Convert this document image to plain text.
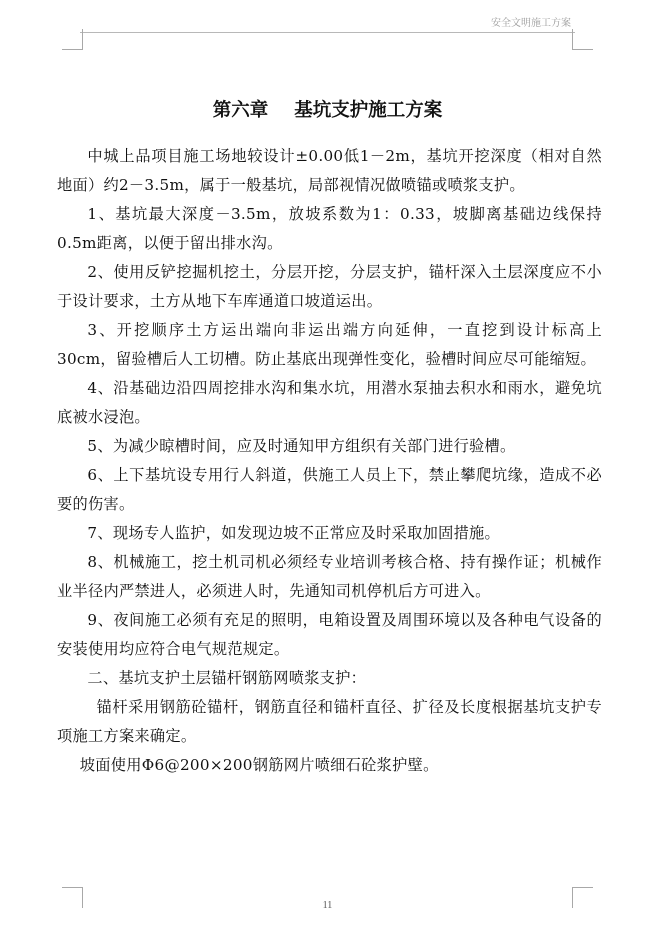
安全文明施工方案
第六章 基坑支护施工方案

中城上品项目施工场地较设计±0.00低1－2m，基坑开挖深度（相对自然地面）约2－3.5m，属于一般基坑，局部视情况做喷锚或喷浆支护。

1、基坑最大深度－3.5m，放坡系数为1：0.33，坡脚离基础边线保持0.5m距离，以便于留出排水沟。

2、使用反铲挖掘机挖土，分层开挖，分层支护，锚杆深入土层深度应不小于设计要求，土方从地下车库通道口坡道运出。

3、开挖顺序土方运出端向非运出端方向延伸，一直挖到设计标高上30cm，留验槽后人工切槽。防止基底出现弹性变化，验槽时间应尽可能缩短。

4、沿基础边沿四周挖排水沟和集水坑，用潜水泵抽去积水和雨水，避免坑底被水浸泡。

5、为减少晾槽时间，应及时通知甲方组织有关部门进行验槽。

6、上下基坑设专用行人斜道，供施工人员上下，禁止攀爬坑缘，造成不必要的伤害。

7、现场专人监护，如发现边坡不正常应及时采取加固措施。

8、机械施工，挖土机司机必须经专业培训考核合格、持有操作证；机械作业半径内严禁进人，必须进人时，先通知司机停机后方可进入。

9、夜间施工必须有充足的照明，电箱设置及周围环境以及各种电气设备的安装使用均应符合电气规范规定。

二、基坑支护土层锚杆钢筋网喷浆支护：

锚杆采用钢筋砼锚杆，钢筋直径和锚杆直径、扩径及长度根据基坑支护专项施工方案来确定。

坡面使用Φ6@200×200钢筋网片喷细石砼浆护壁。

11
